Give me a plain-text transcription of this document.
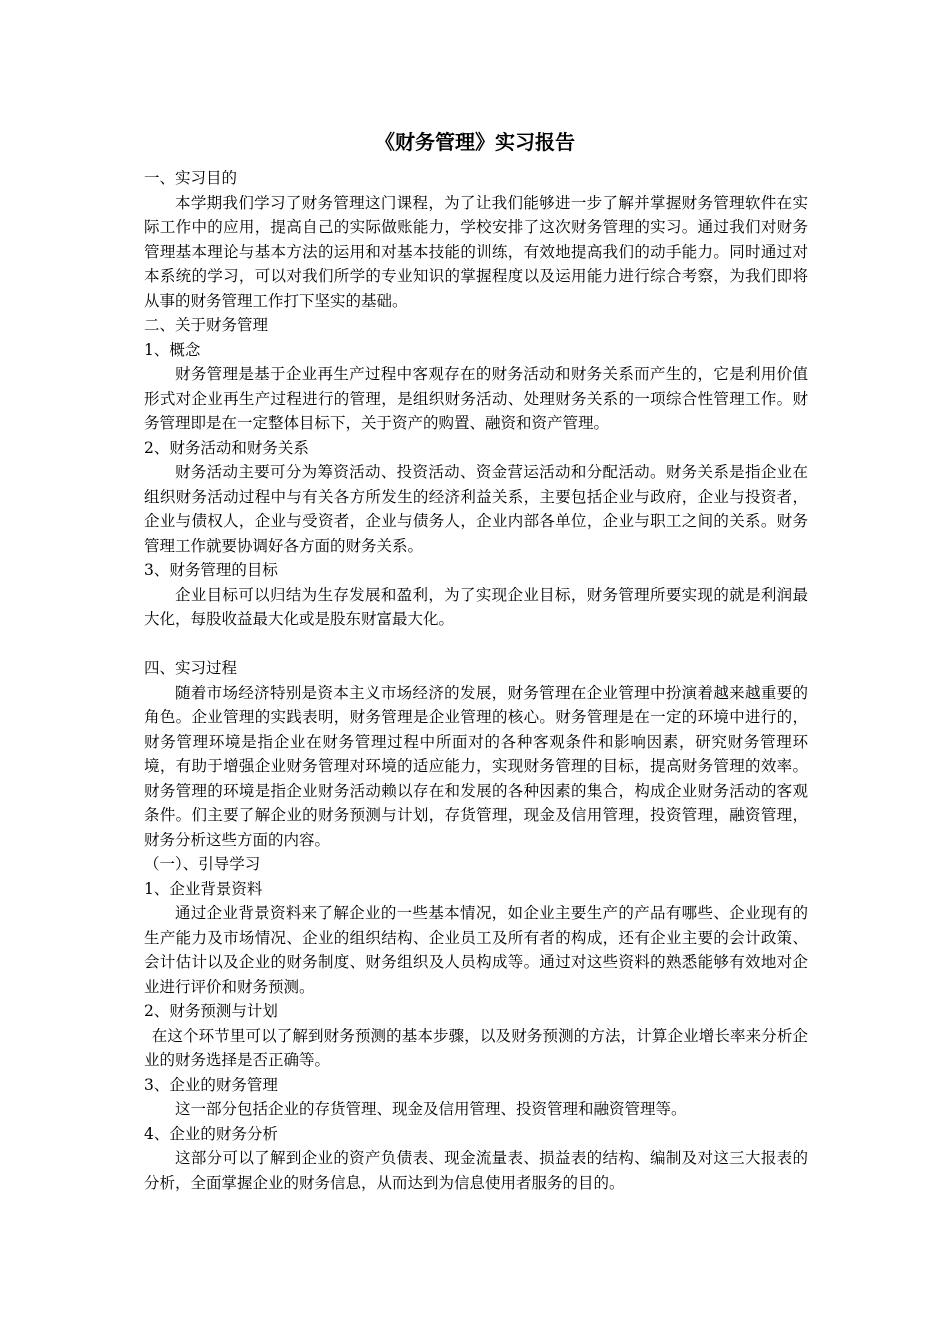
《财务管理》实习报告

一、实习目的

本学期我们学习了财务管理这门课程，为了让我们能够进一步了解并掌握财务管理软件在实际工作中的应用，提高自己的实际做账能力，学校安排了这次财务管理的实习。通过我们对财务管理基本理论与基本方法的运用和对基本技能的训练，有效地提高我们的动手能力。同时通过对本系统的学习，可以对我们所学的专业知识的掌握程度以及运用能力进行综合考察，为我们即将从事的财务管理工作打下坚实的基础。

二、关于财务管理

1、概念

财务管理是基于企业再生产过程中客观存在的财务活动和财务关系而产生的，它是利用价值形式对企业再生产过程进行的管理，是组织财务活动、处理财务关系的一项综合性管理工作。财务管理即是在一定整体目标下，关于资产的购置、融资和资产管理。

2、财务活动和财务关系

财务活动主要可分为筹资活动、投资活动、资金营运活动和分配活动。财务关系是指企业在组织财务活动过程中与有关各方所发生的经济利益关系，主要包括企业与政府，企业与投资者，企业与债权人，企业与受资者，企业与债务人，企业内部各单位，企业与职工之间的关系。财务管理工作就要协调好各方面的财务关系。

3、财务管理的目标

企业目标可以归结为生存发展和盈利，为了实现企业目标，财务管理所要实现的就是利润最大化，每股收益最大化或是股东财富最大化。

四、实习过程

随着市场经济特别是资本主义市场经济的发展，财务管理在企业管理中扮演着越来越重要的角色。企业管理的实践表明，财务管理是企业管理的核心。财务管理是在一定的环境中进行的，财务管理环境是指企业在财务管理过程中所面对的各种客观条件和影响因素，研究财务管理环境，有助于增强企业财务管理对环境的适应能力，实现财务管理的目标，提高财务管理的效率。财务管理的环境是指企业财务活动赖以存在和发展的各种因素的集合，构成企业财务活动的客观条件。们主要了解企业的财务预测与计划，存货管理，现金及信用管理，投资管理，融资管理，财务分析这些方面的内容。

（一）、引导学习

1、企业背景资料

通过企业背景资料来了解企业的一些基本情况，如企业主要生产的产品有哪些、企业现有的生产能力及市场情况、企业的组织结构、企业员工及所有者的构成，还有企业主要的会计政策、会计估计以及企业的财务制度、财务组织及人员构成等。通过对这些资料的熟悉能够有效地对企业进行评价和财务预测。

2、财务预测与计划

在这个环节里可以了解到财务预测的基本步骤，以及财务预测的方法，计算企业增长率来分析企业的财务选择是否正确等。

3、企业的财务管理

这一部分包括企业的存货管理、现金及信用管理、投资管理和融资管理等。

4、企业的财务分析

这部分可以了解到企业的资产负债表、现金流量表、损益表的结构、编制及对这三大报表的分析，全面掌握企业的财务信息，从而达到为信息使用者服务的目的。
